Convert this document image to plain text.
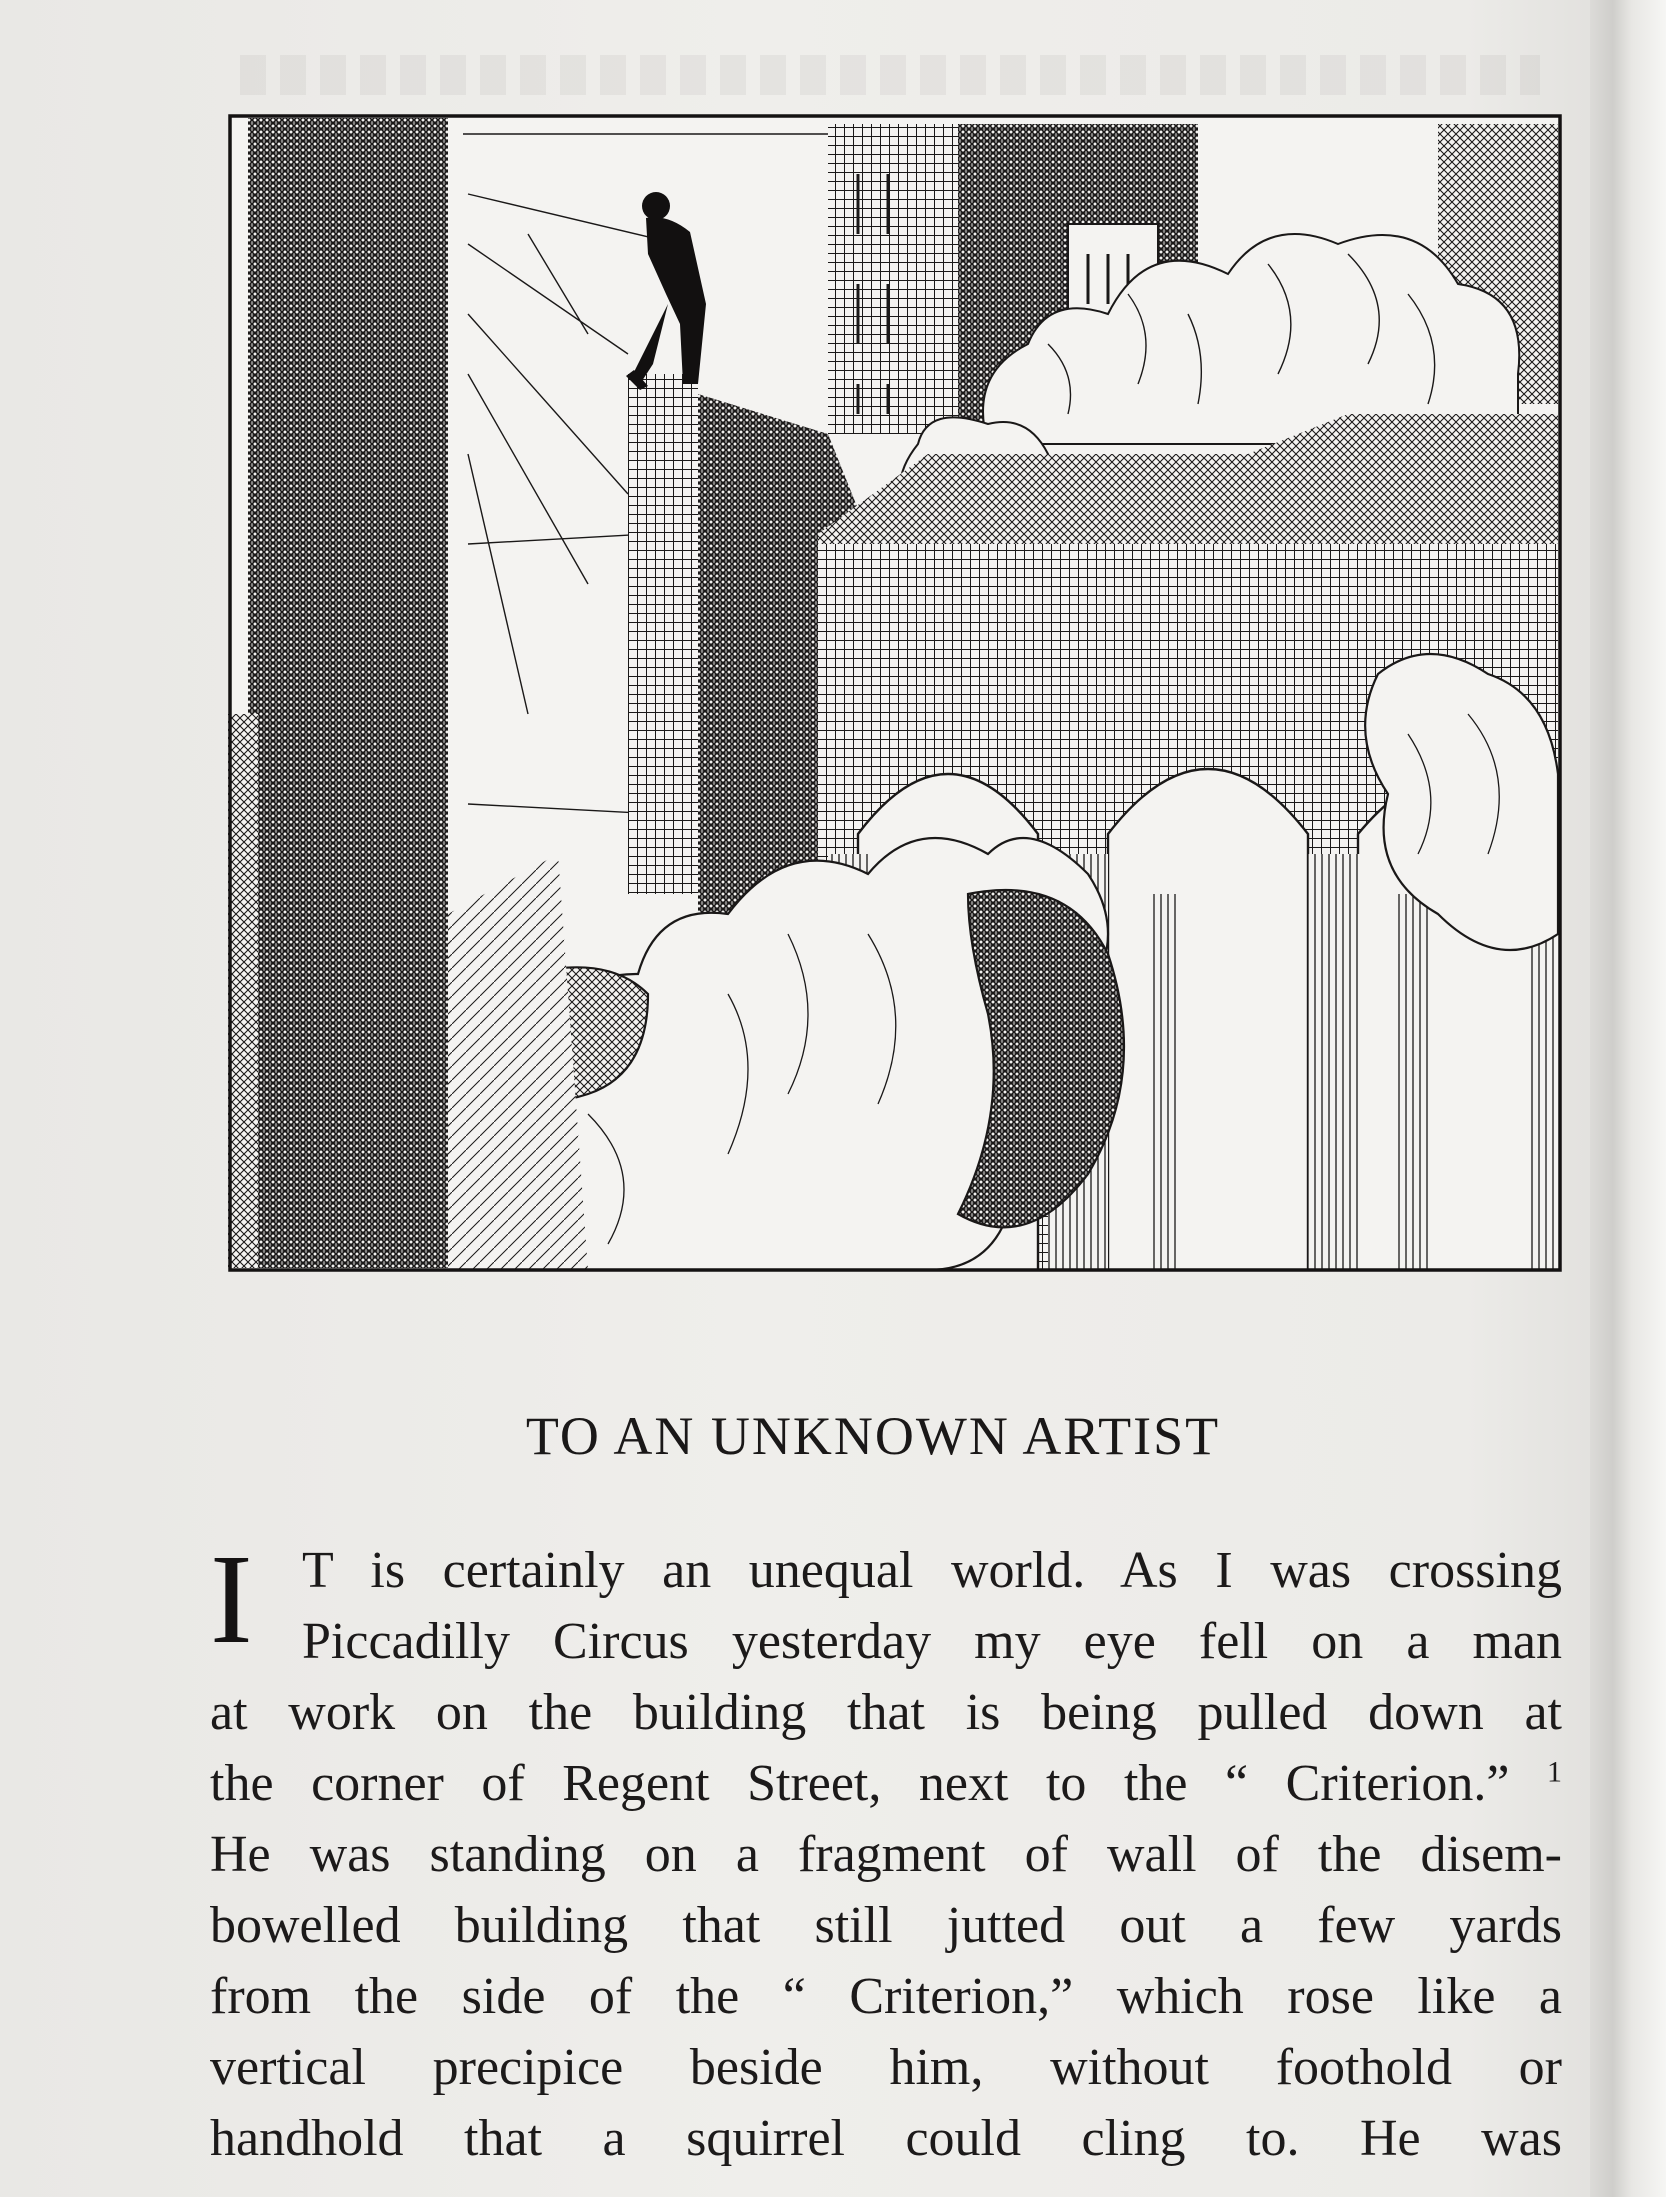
TO AN UNKNOWN ARTIST
I T is certainly an unequal world. As I was crossing
Piccadilly Circus yesterday my eye fell on a man
at work on the building that is being pulled down at
the corner of Regent Street, next to the “ Criterion.” $^1$
He was standing on a fragment of wall of the disem-
bowelled building that still jutted out a few yards
from the side of the “ Criterion,” which rose like a
vertical precipice beside him, without foothold or
handhold that a squirrel could cling to. He was
